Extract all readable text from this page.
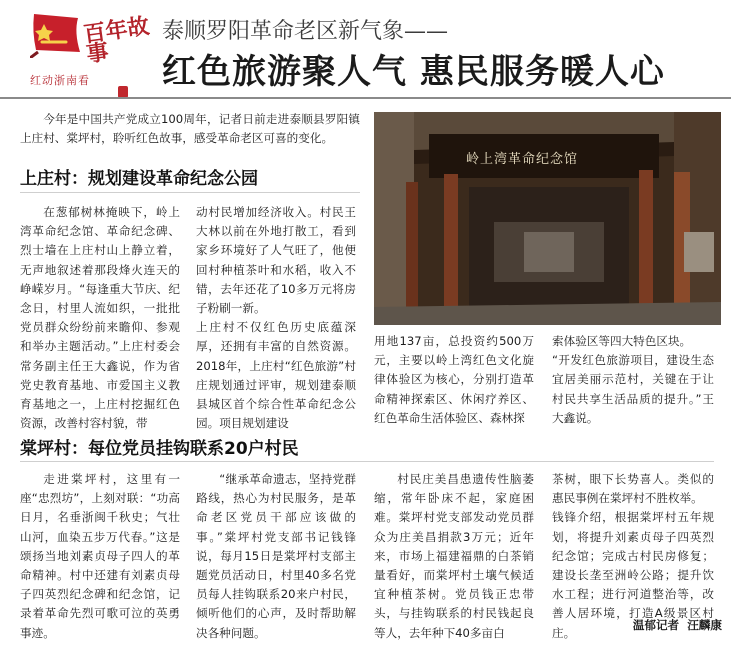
百年故事
红动浙南看
泰顺罗阳革命老区新气象——
红色旅游聚人气 惠民服务暖人心
今年是中国共产党成立100周年，记者日前走进泰顺县罗阳镇上庄村、棠坪村，聆听红色故事，感受革命老区可喜的变化。
上庄村：规划建设革命纪念公园
在葱郁树林掩映下，岭上湾革命纪念馆、革命纪念碑、烈士墙在上庄村山上静立着，无声地叙述着那段烽火连天的峥嵘岁月。“每逢重大节庆、纪念日，村里人流如织，一批批党员群众纷纷前来瞻仰、参观和举办主题活动。”上庄村委会常务副主任王大鑫说，作为省党史教育基地、市爱国主义教育基地之一，上庄村挖掘红色资源，改善村容村貌，带
动村民增加经济收入。村民王大林以前在外地打散工，看到家乡环境好了人气旺了，他便回村种植茶叶和水稻，收入不错，去年还花了10多万元将房子粉刷一新。
上庄村不仅红色历史底蕴深厚，还拥有丰富的自然资源。2018年，上庄村“红色旅游”村庄规划通过评审，规划建泰顺县城区首个综合性革命纪念公园。项目规划建设
用地137亩，总投资约500万元，主要以岭上湾红色文化旋律体验区为核心，分别打造革命精神探索区、休闲疗养区、红色革命生活体验区、森林探
索体验区等四大特色区块。
“开发红色旅游项目，建设生态宜居美丽示范村，关键在于让村民共享生活品质的提升。”王大鑫说。
岭上湾革命纪念馆
棠坪村：每位党员挂钩联系20户村民
走进棠坪村，这里有一座“忠烈坊”，上刻对联：“功高日月，名垂浙闽千秋史；气壮山河，血染五步万代春。”这是颂扬当地刘素贞母子四人的革命精神。村中还建有刘素贞母子四英烈纪念碑和纪念馆，记录着革命先烈可歌可泣的英勇事迹。
“继承革命遗志，坚持党群路线，热心为村民服务，是革命老区党员干部应该做的事。”棠坪村党支部书记钱锋说，每月15日是棠坪村支部主题党员活动日，村里40多名党员每人挂钩联系20来户村民，倾听他们的心声，及时帮助解决各种问题。
村民庄美昌患遗传性脑萎缩，常年卧床不起，家庭困难。棠坪村党支部发动党员群众为庄美昌捐款3万元；近年来，市场上福建福鼎的白茶销量看好，而棠坪村土壤气候适宜种植茶树。党员钱正忠带头，与挂钩联系的村民钱起良等人，去年种下40多亩白
茶树，眼下长势喜人。类似的惠民事例在棠坪村不胜枚举。
钱锋介绍，根据棠坪村五年规划，将提升刘素贞母子四英烈纪念馆；完成古村民房修复；建设长垄至洲岭公路；提升饮水工程；进行河道整治等，改善人居环境，打造A级景区村庄。
温郁记者  汪麟康
